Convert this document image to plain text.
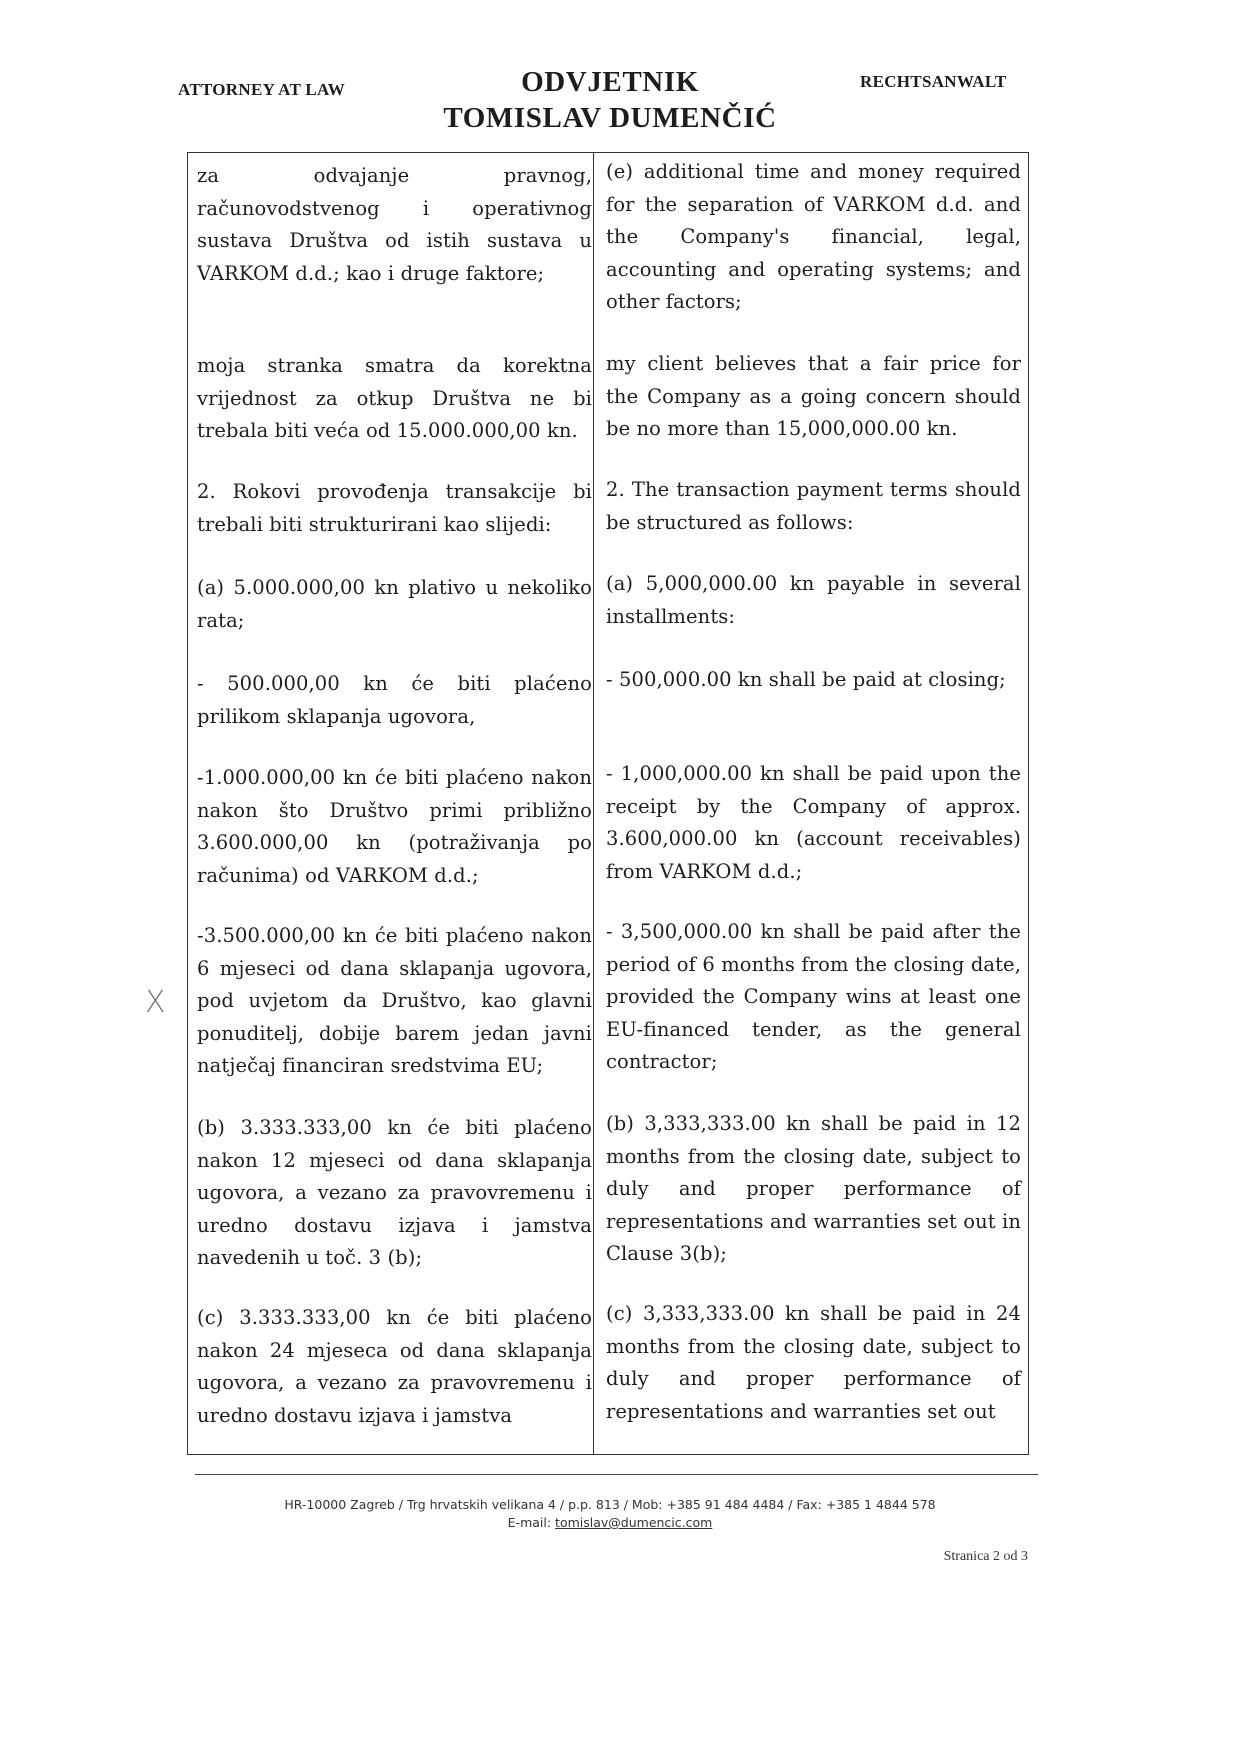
ATTORNEY AT LAW	ODVJETNIK
TOMISLAV DUMENČIĆ
RECHTSANWALT
za odvajanje pravnog, računovodstvenog i operativnog sustava Društva od istih sustava u VARKOM d.d.; kao i druge faktore;
(e) additional time and money required for the separation of VARKOM d.d. and the Company's financial, legal, accounting and operating systems; and other factors;
moja stranka smatra da korektna vrijednost za otkup Društva ne bi trebala biti veća od 15.000.000,00 kn.
my client believes that a fair price for the Company as a going concern should be no more than 15,000,000.00 kn.
2. Rokovi provođenja transakcije bi trebali biti strukturirani kao slijedi:
2. The transaction payment terms should be structured as follows:
(a) 5.000.000,00 kn plativo u nekoliko rata;
(a) 5,000,000.00 kn payable in several installments:
- 500.000,00 kn će biti plaćeno prilikom sklapanja ugovora,
- 500,000.00 kn shall be paid at closing;
-1.000.000,00 kn će biti plaćeno nakon nakon što Društvo primi približno 3.600.000,00 kn (potraživanja po računima) od VARKOM d.d.;
- 1,000,000.00 kn shall be paid upon the receipt by the Company of approx. 3.600,000.00 kn (account receivables) from VARKOM d.d.;
-3.500.000,00 kn će biti plaćeno nakon 6 mjeseci od dana sklapanja ugovora, pod uvjetom da Društvo, kao glavni ponuditelj, dobije barem jedan javni natječaj financiran sredstvima EU;
- 3,500,000.00 kn shall be paid after the period of 6 months from the closing date, provided the Company wins at least one EU-financed tender, as the general contractor;
(b) 3.333.333,00 kn će biti plaćeno nakon 12 mjeseci od dana sklapanja ugovora, a vezano za pravovremenu i uredno dostavu izjava i jamstva navedenih u toč. 3 (b);
(b) 3,333,333.00 kn shall be paid in 12 months from the closing date, subject to duly and proper performance of representations and warranties set out in Clause 3(b);
(c) 3.333.333,00 kn će biti plaćeno nakon 24 mjeseca od dana sklapanja ugovora, a vezano za pravovremenu i uredno dostavu izjava i jamstva
(c) 3,333,333.00 kn shall be paid in 24 months from the closing date, subject to duly and proper performance of representations and warranties set out
X
HR-10000 Zagreb / Trg hrvatskih velikana 4 / p.p. 813 / Mob: +385 91 484 4484 / Fax: +385 1 4844 578
E-mail: tomislav@dumencic.com
Stranica 2 od 3
